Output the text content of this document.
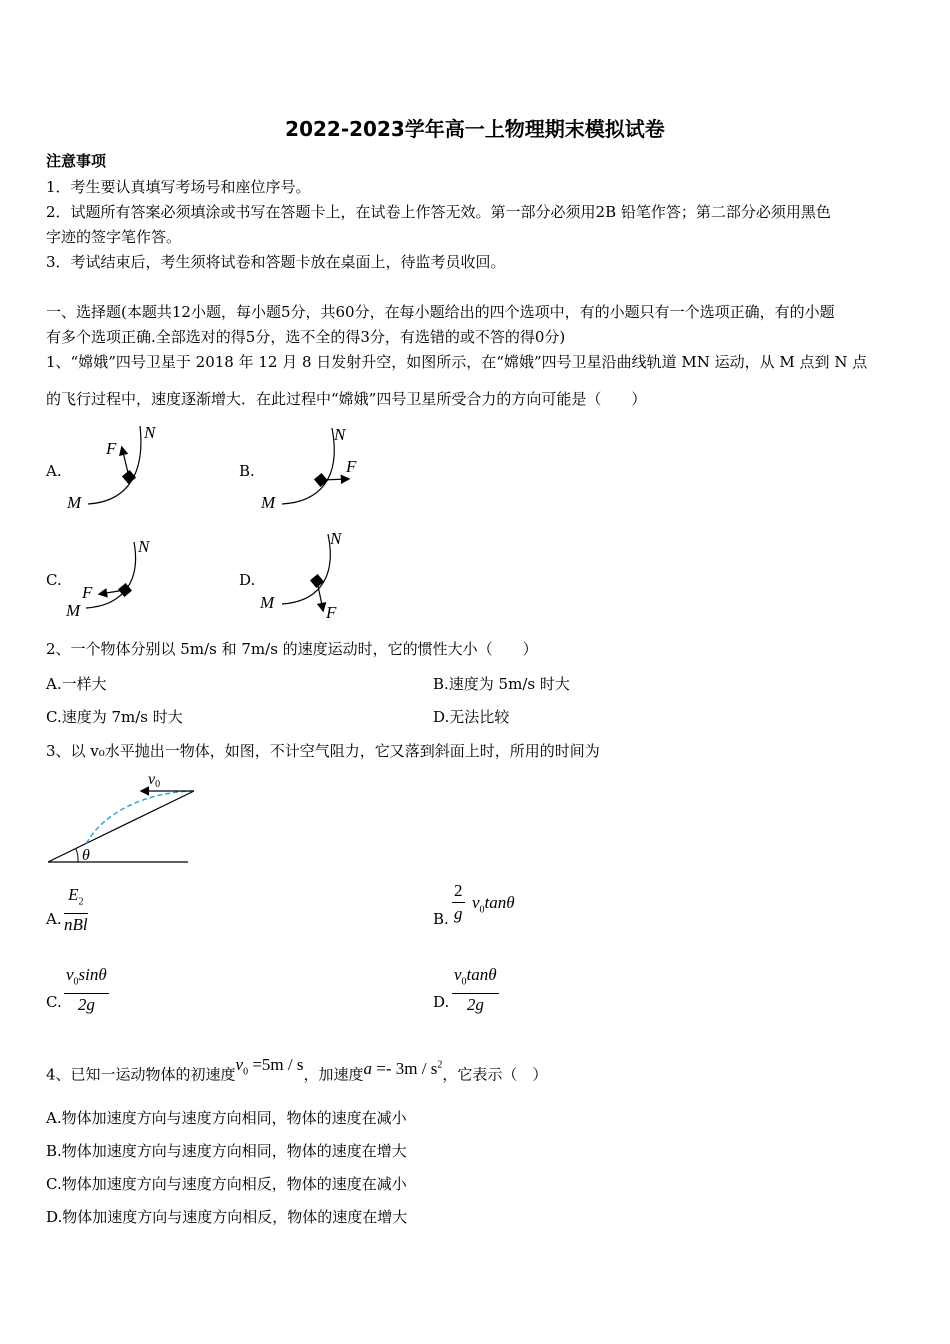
2022-2023学年高一上物理期末模拟试卷
注意事项
1．考生要认真填写考场号和座位序号。
2．试题所有答案必须填涂或书写在答题卡上，在试卷上作答无效。第一部分必须用2B 铅笔作答；第二部分必须用黑色
字迹的签字笔作答。
3．考试结束后，考生须将试卷和答题卡放在桌面上，待监考员收回。
一、选择题(本题共12小题，每小题5分，共60分，在每小题给出的四个选项中，有的小题只有一个选项正确，有的小题
有多个选项正确.全部选对的得5分，选不全的得3分，有选错的或不答的得0分)
1、“嫦娥”四号卫星于 2018 年 12 月 8 日发射升空，如图所示，在“嫦娥”四号卫星沿曲线轨道 MN 运动，从 M 点到 N 点
的飞行过程中，速度逐渐增大．在此过程中“嫦娥”四号卫星所受合力的方向可能是（　　）
A.	B.
C.	D.
M
N
F
M
N
F
M
N
F
M
N
F
2、一个物体分别以 5m/s 和 7m/s 的速度运动时，它的惯性大小（　　）
A.一样大	B.速度为 5m/s 时大
C.速度为 7m/s 时大	D.无法比较
3、以 v₀水平抛出一物体，如图，不计空气阻力，它又落到斜面上时，所用的时间为
θ
v0
A.
$E_2$
nBl	B. $\frac{2}{g} v_0\tan\theta$
C. $\frac{v_0\sin\theta}{2g}$	D. $\frac{v_0\tan\theta}{2g}$
4、已知一运动物体的初速度$v_0 =5m / s$，加速度$a =- 3m / s^2$，它表示（　）
A.物体加速度方向与速度方向相同，物体的速度在减小
B.物体加速度方向与速度方向相同，物体的速度在增大
C.物体加速度方向与速度方向相反，物体的速度在减小
D.物体加速度方向与速度方向相反，物体的速度在增大
